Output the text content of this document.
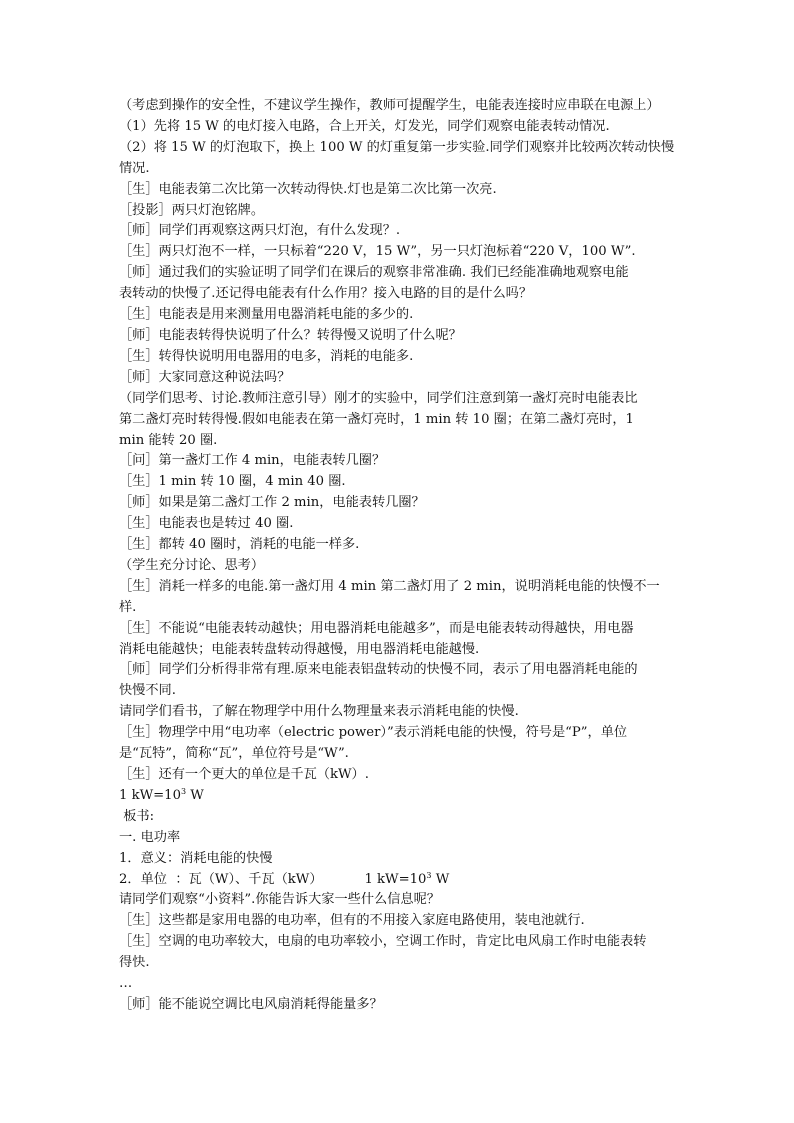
（考虑到操作的安全性，不建议学生操作，教师可提醒学生，电能表连接时应串联在电源上）
（1）先将 15 W 的电灯接入电路，合上开关，灯发光，同学们观察电能表转动情况.
（2）将 15 W 的灯泡取下，换上 100 W 的灯重复第一步实验.同学们观察并比较两次转动快慢
情况.
［生］电能表第二次比第一次转动得快.灯也是第二次比第一次亮.
［投影］两只灯泡铭牌。
［师］同学们再观察这两只灯泡，有什么发现？.
［生］两只灯泡不一样，一只标着“220 V，15 W”，另一只灯泡标着“220 V，100 W”.
［师］通过我们的实验证明了同学们在课后的观察非常准确. 我们已经能准确地观察电能
表转动的快慢了.还记得电能表有什么作用？接入电路的目的是什么吗？
［生］电能表是用来测量用电器消耗电能的多少的.
［师］电能表转得快说明了什么？转得慢又说明了什么呢？
［生］转得快说明用电器用的电多，消耗的电能多.
［师］大家同意这种说法吗？
（同学们思考、讨论.教师注意引导）刚才的实验中，同学们注意到第一盏灯亮时电能表比
第二盏灯亮时转得慢.假如电能表在第一盏灯亮时，1 min 转 10 圈；在第二盏灯亮时，1
min 能转 20 圈.
［问］第一盏灯工作 4 min，电能表转几圈？
［生］1 min 转 10 圈，4 min 40 圈.
［师］如果是第二盏灯工作 2 min，电能表转几圈？
［生］电能表也是转过 40 圈.
［生］都转 40 圈时，消耗的电能一样多.
（学生充分讨论、思考）
［生］消耗一样多的电能.第一盏灯用 4 min 第二盏灯用了 2 min，说明消耗电能的快慢不一
样.
［生］不能说“电能表转动越快；用电器消耗电能越多”，而是电能表转动得越快，用电器
消耗电能越快；电能表转盘转动得越慢，用电器消耗电能越慢.
［师］同学们分析得非常有理.原来电能表铝盘转动的快慢不同，表示了用电器消耗电能的
快慢不同.
请同学们看书，了解在物理学中用什么物理量来表示消耗电能的快慢.
［生］物理学中用“电功率（electric power）”表示消耗电能的快慢，符号是“P”，单位
是“瓦特”，简称“瓦”，单位符号是“W”.
［生］还有一个更大的单位是千瓦（kW）.
1 $kW=10^3$ W
板书:
一. 电功率
1．意义：消耗电能的快慢
2．单位  ：瓦（W）、千瓦（kW）          1 $kW=10^3$ W
请同学们观察“小资料”.你能告诉大家一些什么信息呢？
［生］这些都是家用电器的电功率，但有的不用接入家庭电路使用，装电池就行.
［生］空调的电功率较大，电扇的电功率较小，空调工作时，肯定比电风扇工作时电能表转
得快.
…
［师］能不能说空调比电风扇消耗得能量多？
